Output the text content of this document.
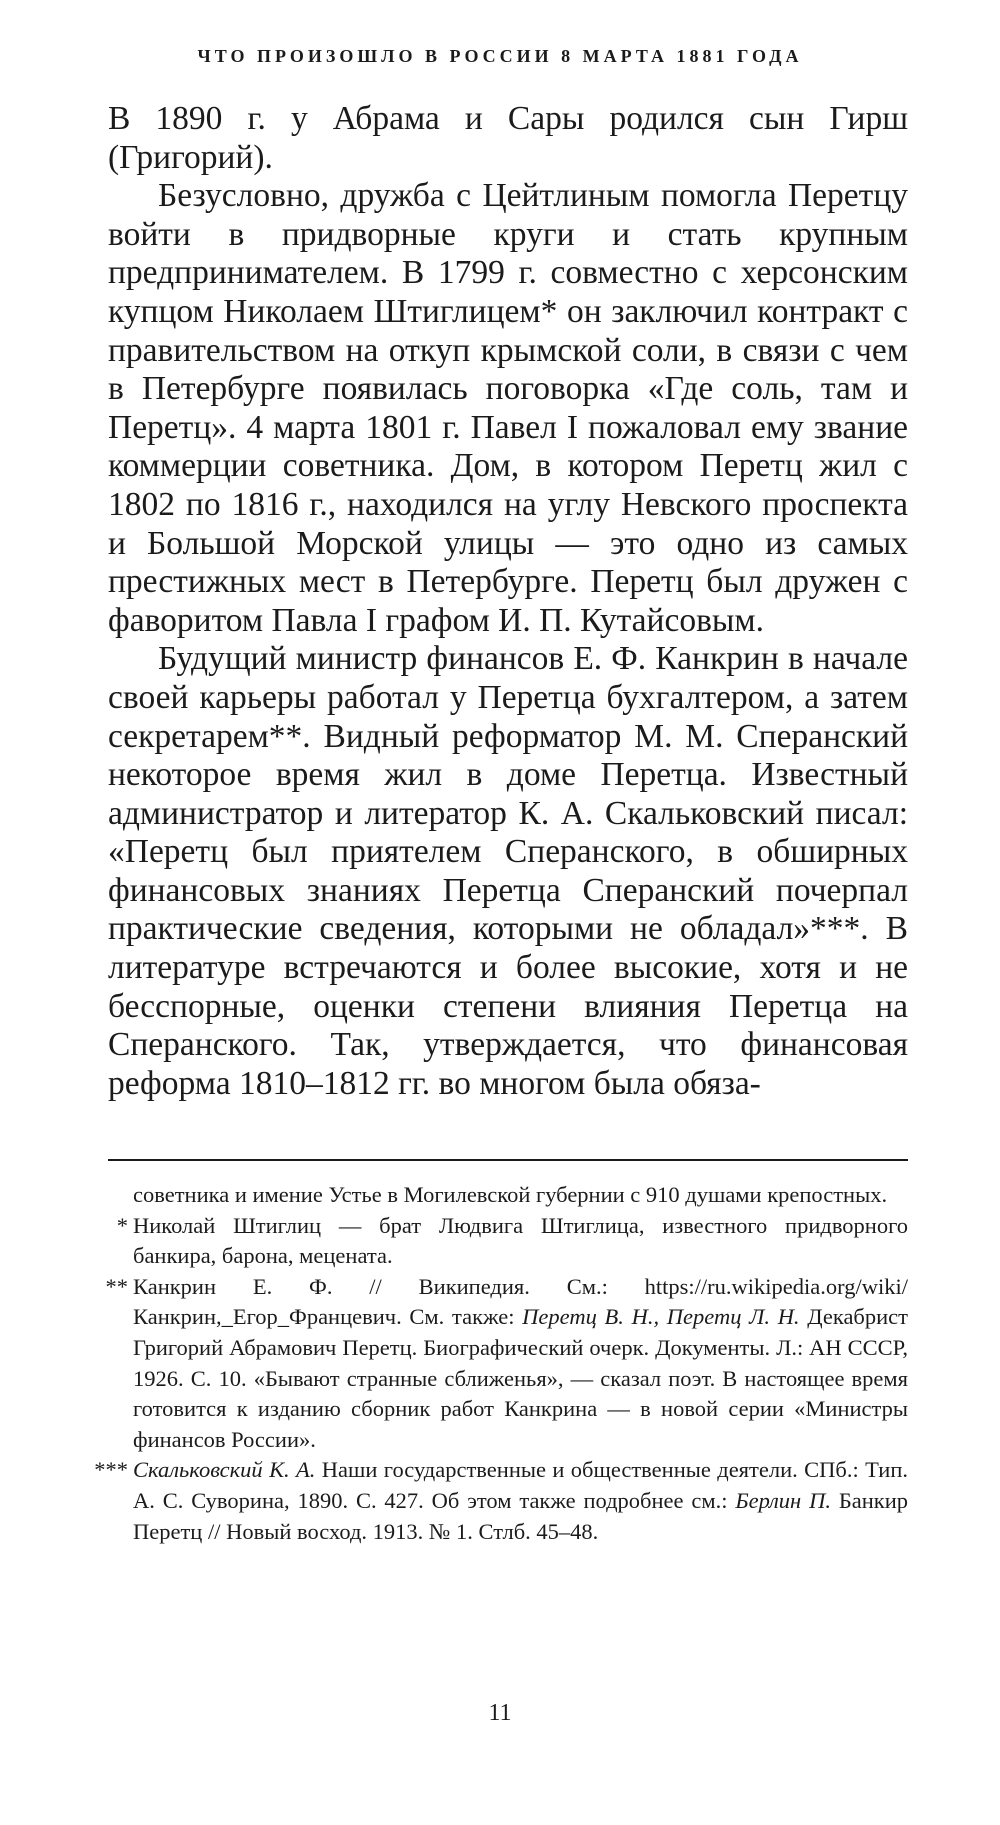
ЧТО ПРОИЗОШЛО В РОССИИ 8 МАРТА 1881 ГОДА

В 1890 г. у Абрама и Сары родился сын Гирш (Григорий).

Безусловно, дружба с Цейтлиным помогла Перетцу войти в придворные круги и стать крупным предпринимателем. В 1799 г. совместно с херсонским купцом Николаем Штиглицем* он заключил контракт с правительством на откуп крымской соли, в связи с чем в Петербурге появилась поговорка «Где соль, там и Перетц». 4 марта 1801 г. Павел I пожаловал ему звание коммерции советника. Дом, в котором Перетц жил с 1802 по 1816 г., находился на углу Невского проспекта и Большой Морской улицы — это одно из самых престижных мест в Петербурге. Перетц был дружен с фаворитом Павла I графом И. П. Кутайсовым.

Будущий министр финансов Е. Ф. Канкрин в начале своей карьеры работал у Перетца бухгалтером, а затем секретарем**. Видный реформатор М. М. Сперанский некоторое время жил в доме Перетца. Известный администратор и литератор К. А. Скальковский писал: «Перетц был приятелем Сперанского, в обширных финансовых знаниях Перетца Сперанский почерпал практические сведения, которыми не обладал»***. В литературе встречаются и более высокие, хотя и не бесспорные, оценки степени влияния Перетца на Сперанского. Так, утверждается, что финансовая реформа 1810–1812 гг. во многом была обяза-

советника и имение Устье в Могилевской губернии с 910 душами крепостных.

* Николай Штиглиц — брат Людвига Штиглица, известного придворного банкира, барона, мецената.

** Канкрин Е. Ф. // Википедия. См.: https://ru.wikipedia.org/wiki/Канкрин,_Егор_Францевич. См. также: Перетц В. Н., Перетц Л. Н. Декабрист Григорий Абрамович Перетц. Биографический очерк. Документы. Л.: АН СССР, 1926. С. 10. «Бывают странные сближенья», — сказал поэт. В настоящее время готовится к изданию сборник работ Канкрина — в новой серии «Министры финансов России».

*** Скальковский К. А. Наши государственные и общественные деятели. СПб.: Тип. А. С. Суворина, 1890. С. 427. Об этом также подробнее см.: Берлин П. Банкир Перетц // Новый восход. 1913. № 1. Стлб. 45–48.

11
